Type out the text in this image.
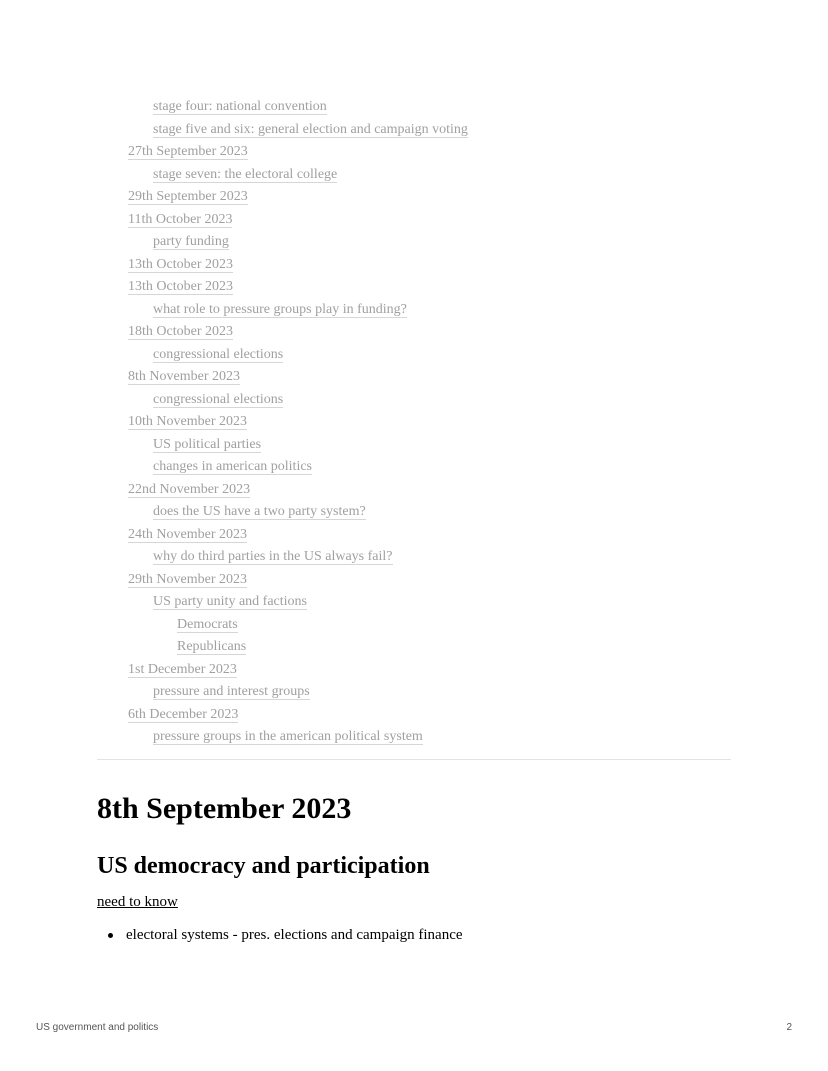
stage four: national convention
stage five and six: general election and campaign voting
27th September 2023
stage seven: the electoral college
29th September 2023
11th October 2023
party funding
13th October 2023
13th October 2023
what role to pressure groups play in funding?
18th October 2023
congressional elections
8th November 2023
congressional elections
10th November 2023
US political parties
changes in american politics
22nd November 2023
does the US have a two party system?
24th November 2023
why do third parties in the US always fail?
29th November 2023
US party unity and factions
Democrats
Republicans
1st December 2023
pressure and interest groups
6th December 2023
pressure groups in the american political system
8th September 2023
US democracy and participation
need to know
electoral systems - pres. elections and campaign finance
US government and politics	2
